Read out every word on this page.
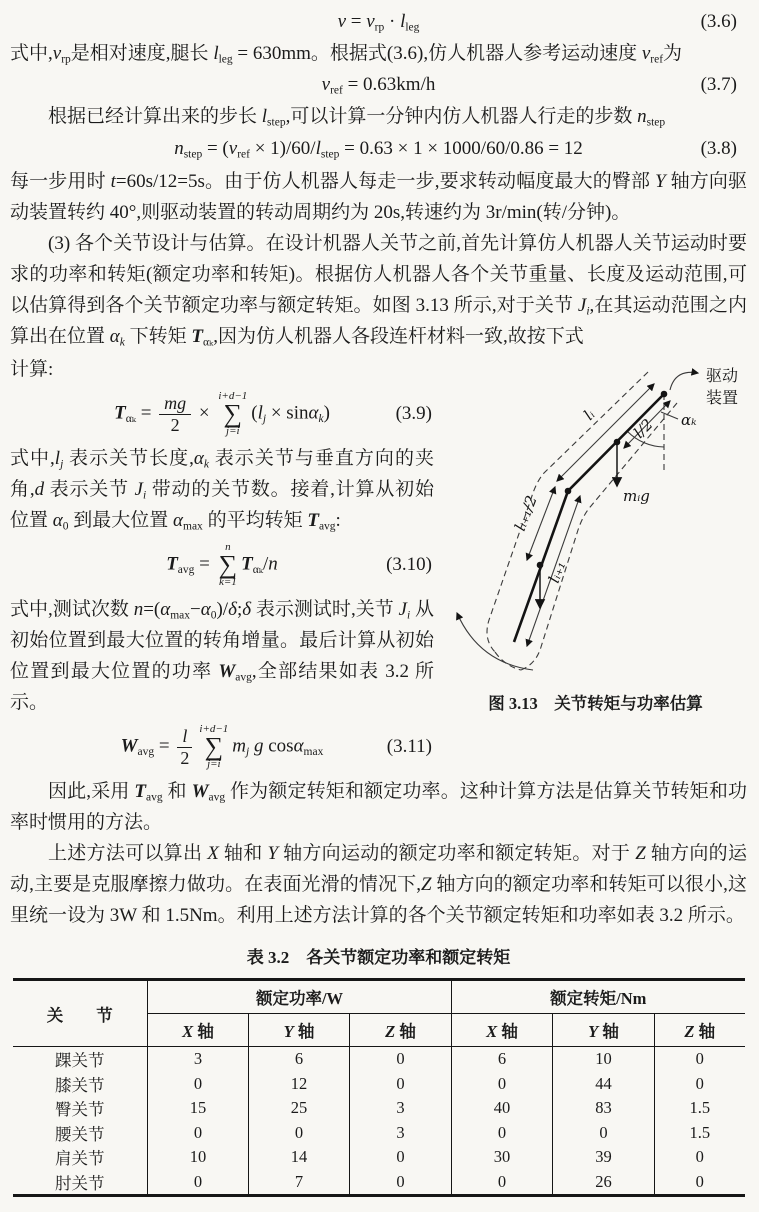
$v = v_{rp} \cdot l_{leg}$	(3.6)

式中$,v_{rp}$是相对速度,腿长 $l_{leg} = 630mm$。根据式(3.6),仿人机器人参考运动速度 $v_{ref}$为

$v_{ref} = 0.63km/h$	(3.7)

根据已经计算出来的步长 $l_{step}$,可以计算一分钟内仿人机器人行走的步数 $n_{step}$

$n_{step} = (v_{ref} \times 1)/60/l_{step} = 0.63 \times 1 \times 1000/60/0.86 = 12$	(3.8)

每一步用时 t=60s/12=5s。由于仿人机器人每走一步,要求转动幅度最大的臀部 Y 轴方向驱动装置转约 40°,则驱动装置的转动周期约为 20s,转速约为 3r/min(转/分钟)。

(3) 各个关节设计与估算。在设计机器人关节之前,首先计算仿人机器人关节运动时要求的功率和转矩(额定功率和转矩)。根据仿人机器人各个关节重量、长度及运动范围,可以估算得到各个关节额定功率与额定转矩。如图 3.13 所示,对于关节 $J_i$,在其运动范围之内算出在位置 $\alpha_k$ 下转矩 $T_{\alpha_k}$,因为仿人机器人各段连杆材料一致,故按下式

计算:

$T_{\alpha_k} = \frac{mg}{2}$ ×
i+d−1
∑
j=i
$(l_j \times \sin\alpha_k)$	(3.9)

式中$,l_j$ 表示关节长度$,\alpha_k$ 表示关节与垂直方向的夹角,d 表示关节 $J_i$ 带动的关节数。接着,计算从初始位置 $\alpha_0$ 到最大位置 $\alpha_{max}$ 的平均转矩 $T_{avg}$:

$T_{avg}$ =
n
∑
k=1
$T_{\alpha_k}/n$	(3.10)

式中,测试次数 $n=(\alpha_{max}-\alpha_0)/\delta;\delta$ 表示测试时,关节 $J_i$ 从初始位置到最大位置的转角增量。最后计算从初始位置到最大位置的功率 $W_{avg}$,全部结果如表 3.2 所示。

$W_{avg} = \frac{l}{2} i+d-1$
∑
j=i
$m_j$ g cosα$_{max}$	(3.11)
αₖ
lᵢ
l/2
lᵢ₊₁/2
lᵢ₊₁
mᵢg
驱动
装置
图 3.13　关节转矩与功率估算

因此,采用 $T_{avg}$ 和 $W_{avg}$ 作为额定转矩和额定功率。这种计算方法是估算关节转矩和功率时惯用的方法。

上述方法可以算出 X 轴和 Y 轴方向运动的额定功率和额定转矩。对于 Z 轴方向的运动,主要是克服摩擦力做功。在表面光滑的情况下,Z 轴方向的额定功率和转矩可以很小,这里统一设为 3W 和 1.5Nm。利用上述方法计算的各个关节额定转矩和功率如表 3.2 所示。

表 3.2　各关节额定功率和额定转矩
关　　节	额定功率/W			额定转矩/Nm		
	X 轴	Y 轴	Z 轴	X 轴	Y 轴	Z 轴
踝关节	3	6	0	6	10	0
膝关节	0	12	0	0	44	0
臀关节	15	25	3	40	83	1.5
腰关节	0	0	3	0	0	1.5
肩关节	10	14	0	30	39	0
肘关节	0	7	0	0	26	0
